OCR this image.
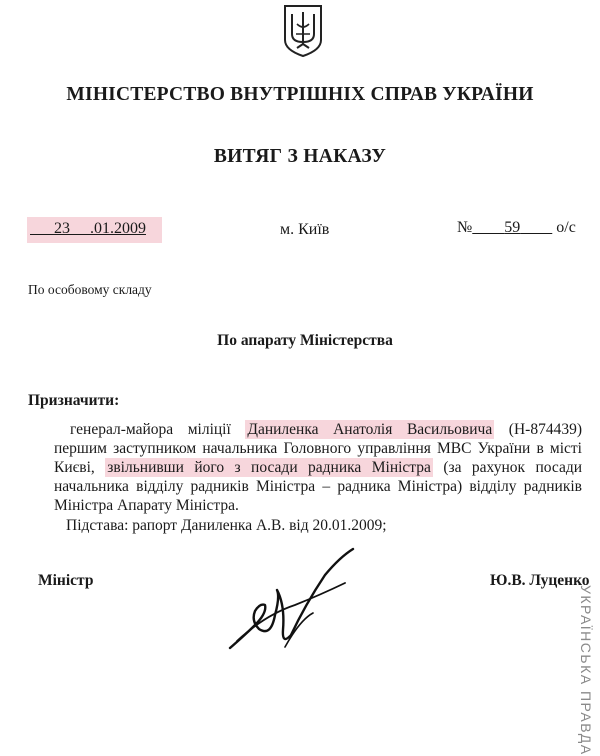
МІНІСТЕРСТВО ВНУТРІШНІХ СПРАВ УКРАЇНИ
ВИТЯГ З НАКАЗУ
23 .01.2009	м. Київ	№ 59 о/с
По особовому складу
По апарату Міністерства
Призначити:

генерал-майора міліції Даниленка Анатолія Васильовича (Н-874439) першим заступником начальника Головного управління МВС України в місті Києві, звільнивши його з посади радника Міністра (за рахунок посади начальника відділу радників Міністра – радника Міністра) відділу радників Міністра Апарату Міністра.

Підстава: рапорт Даниленка А.В. від 20.01.2009;
Міністр	Ю.В. Луценко
УКРАЇНСЬКА ПРАВДА
